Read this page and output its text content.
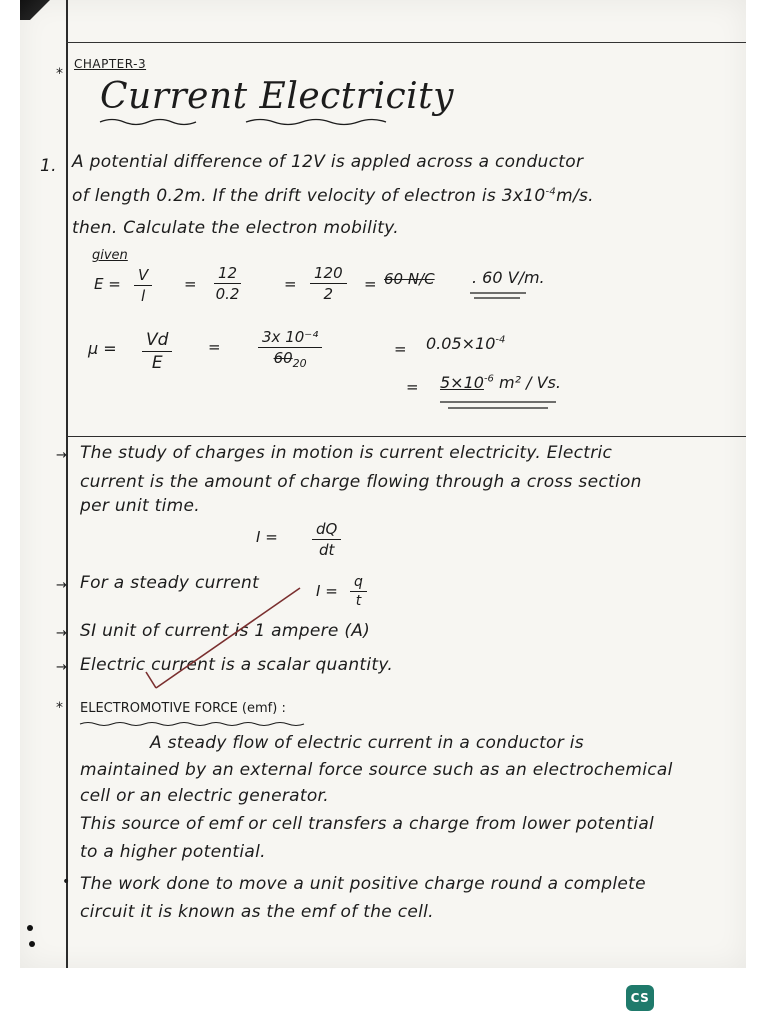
*
CHAPTER-3
Current Electricity
1. A potential difference of 12V is appled across a conductor
of length 0.2m. If the drift velocity of electron is $3x10^{-4}m/s$.
then. Calculate the electron mobility.
given
$E = \frac{V}{l} = \frac{12}{0.2}$	= $\frac{120}{2} = 60$ N/C . 60 V/m.
$\mu = \frac{Vd}{E} = \frac{\text{3x 10⁻⁴}}{60_{20}}$	= $0.05\times 10^{-4}$
= $5\times 10^{-6}$ m² / Vs.
→ The study of charges in motion is current electricity. Electric
current is the amount of charge flowing through a cross section
per unit time.
$I = \frac{dQ}{dt}$
→ For a steady current	$I = \frac{q}{t}$
→ SI unit of current is 1 ampere (A)
→ Electric current is a scalar quantity.
* ELECTROMOTIVE FORCE (emf) :
A steady flow of electric current in a conductor is
maintained by an external force source such as an electrochemical
cell or an electric generator.
This source of emf or cell transfers a charge from lower potential
to a higher potential.
• The work done to move a unit positive charge round a complete
circuit it is known as the emf of the cell.
CS
